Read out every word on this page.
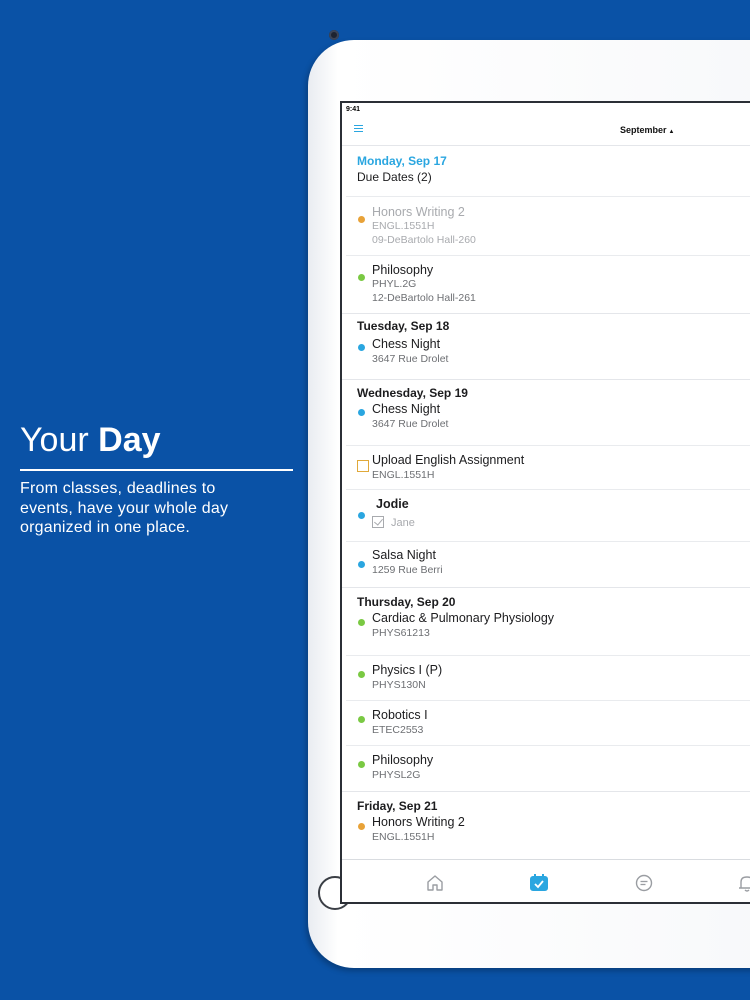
Your Day

From classes, deadlines to events, have your whole day organized in one place.

9:41
September ▲
Monday, Sep 17
Due Dates (2)
Honors Writing 2
ENGL.1551H
09-DeBartolo Hall-260
Philosophy
PHYL.2G
12-DeBartolo Hall-261
Tuesday, Sep 18
Chess Night
3647 Rue Drolet
Wednesday, Sep 19
Chess Night
3647 Rue Drolet
Upload English Assignment
ENGL.1551H
Jodie
Jane
Salsa Night
1259 Rue Berri
Thursday, Sep 20
Cardiac & Pulmonary Physiology
PHYS61213
Physics I (P)
PHYS130N
Robotics I
ETEC2553
Philosophy
PHYSL2G
Friday, Sep 21
Honors Writing 2
ENGL.1551H
